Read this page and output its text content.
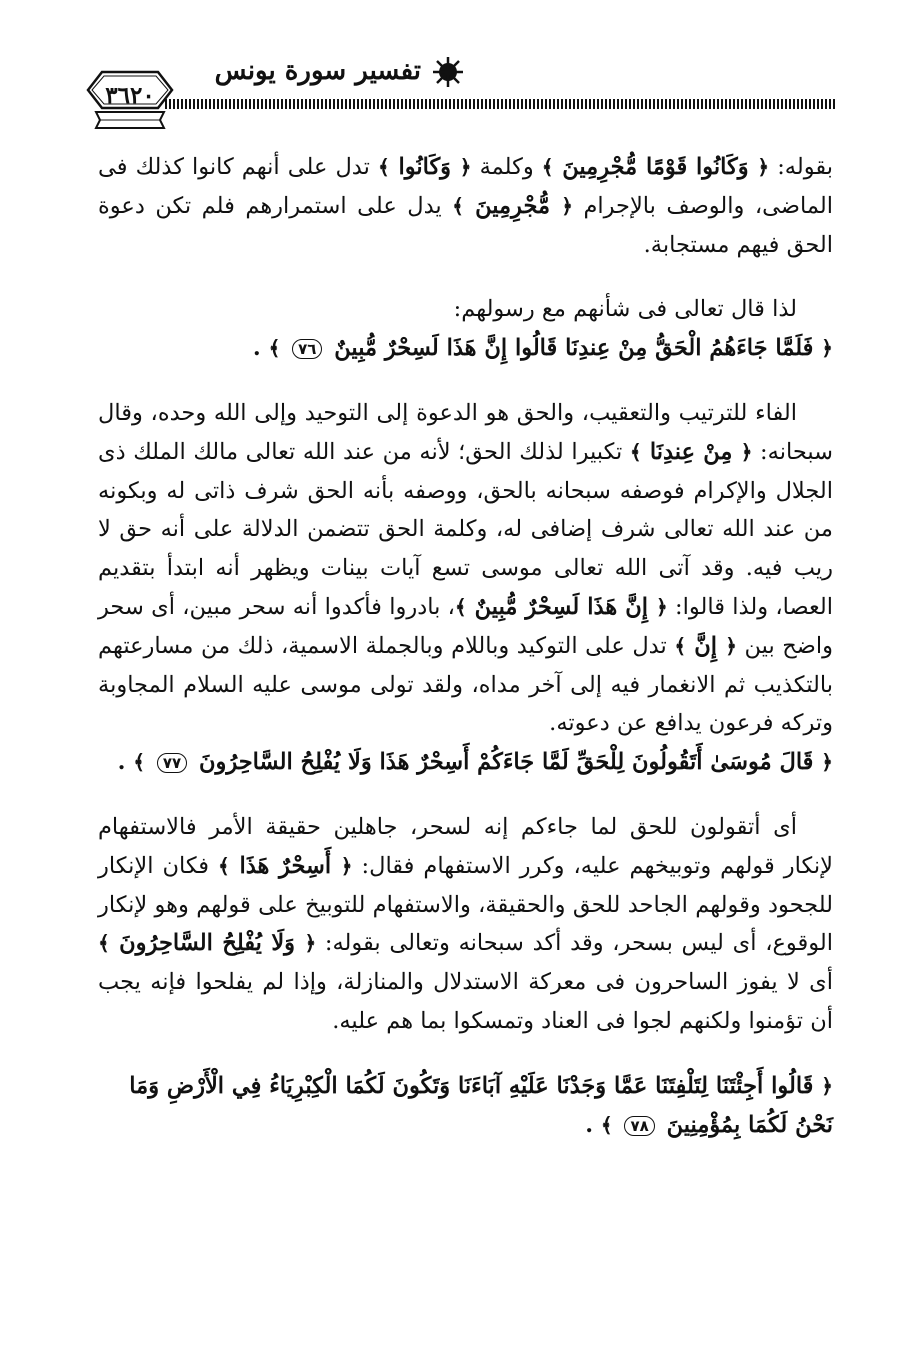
تفسير سورة يونس
٣٦٢٠

بقوله: ﴿ وَكَانُوا قَوْمًا مُّجْرِمِينَ ﴾ وكلمة ﴿ وَكَانُوا ﴾ تدل على أنهم كانوا كذلك فى الماضى، والوصف بالإجرام ﴿ مُّجْرِمِينَ ﴾ يدل على استمرارهم فلم تكن دعوة الحق فيهم مستجابة.

لذا قال تعالى فى شأنهم مع رسولهم:

﴿ فَلَمَّا جَاءَهُمُ الْحَقُّ مِنْ عِندِنَا قَالُوا إِنَّ هَذَا لَسِحْرٌ مُّبِينٌ ٧٦ ﴾ .

الفاء للترتيب والتعقيب، والحق هو الدعوة إلى التوحيد وإلى الله وحده، وقال سبحانه: ﴿ مِنْ عِندِنَا ﴾ تكبيرا لذلك الحق؛ لأنه من عند الله تعالى مالك الملك ذى الجلال والإكرام فوصفه سبحانه بالحق، ووصفه بأنه الحق شرف ذاتى له وبكونه من عند الله تعالى شرف إضافى له، وكلمة الحق تتضمن الدلالة على أنه حق لا ريب فيه. وقد آتى الله تعالى موسى تسع آيات بينات ويظهر أنه ابتدأ بتقديم العصا، ولذا قالوا: ﴿ إِنَّ هَذَا لَسِحْرٌ مُّبِينٌ ﴾، بادروا فأكدوا أنه سحر مبين، أى سحر واضح بين ﴿ إِنَّ ﴾ تدل على التوكيد وباللام وبالجملة الاسمية، ذلك من مسارعتهم بالتكذيب ثم الانغمار فيه إلى آخر مداه، ولقد تولى موسى عليه السلام المجاوبة وتركه فرعون يدافع عن دعوته.

﴿ قَالَ مُوسَىٰ أَتَقُولُونَ لِلْحَقِّ لَمَّا جَاءَكُمْ أَسِحْرٌ هَذَا وَلَا يُفْلِحُ السَّاحِرُونَ ٧٧ ﴾ .

أى أتقولون للحق لما جاءكم إنه لسحر، جاهلين حقيقة الأمر فالاستفهام لإنكار قولهم وتوبيخهم عليه، وكرر الاستفهام فقال: ﴿ أَسِحْرٌ هَذَا ﴾ فكان الإنكار للجحود وقولهم الجاحد للحق والحقيقة، والاستفهام للتوبيخ على قولهم وهو لإنكار الوقوع، أى ليس بسحر، وقد أكد سبحانه وتعالى بقوله: ﴿ وَلَا يُفْلِحُ السَّاحِرُونَ ﴾ أى لا يفوز الساحرون فى معركة الاستدلال والمنازلة، وإذا لم يفلحوا فإنه يجب أن تؤمنوا ولكنهم لجوا فى العناد وتمسكوا بما هم عليه.

﴿ قَالُوا أَجِئْتَنَا لِتَلْفِتَنَا عَمَّا وَجَدْنَا عَلَيْهِ آبَاءَنَا وَتَكُونَ لَكُمَا الْكِبْرِيَاءُ فِي الْأَرْضِ وَمَا نَحْنُ لَكُمَا بِمُؤْمِنِينَ ٧٨ ﴾ .
